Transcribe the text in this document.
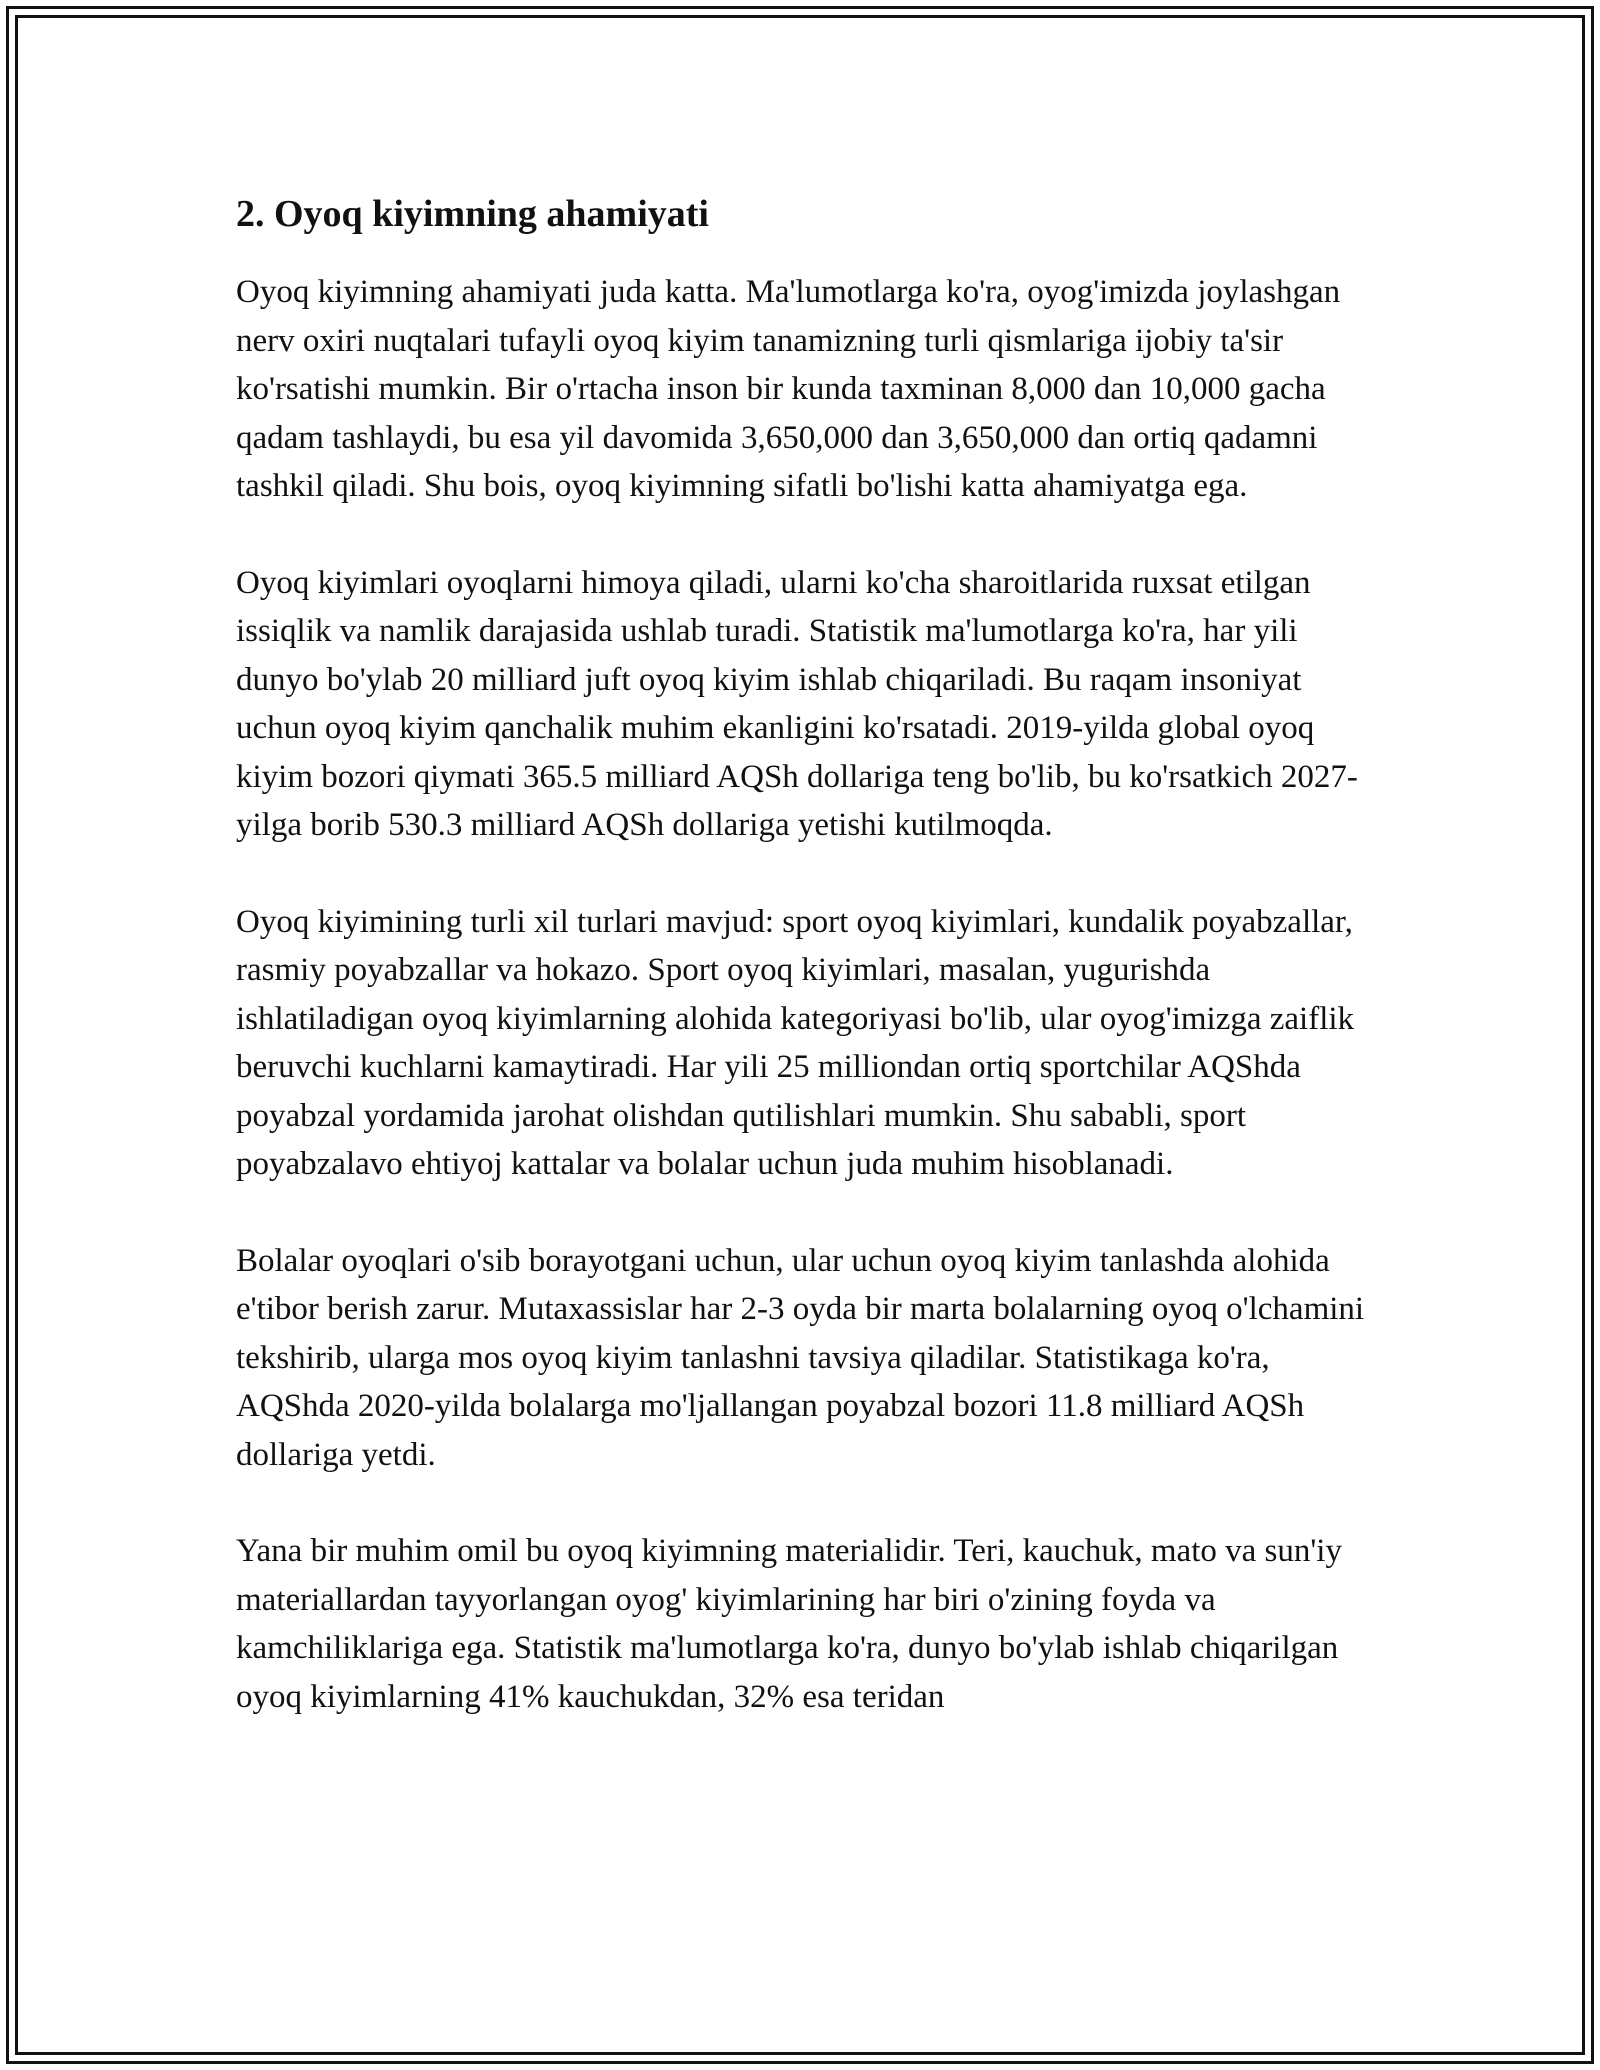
2. Oyoq kiyimning ahamiyati

Oyoq kiyimning ahamiyati juda katta. Ma'lumotlarga ko'ra, oyog'imizda joylashgan nerv oxiri nuqtalari tufayli oyoq kiyim tanamizning turli qismlariga ijobiy ta'sir ko'rsatishi mumkin. Bir o'rtacha inson bir kunda taxminan 8,000 dan 10,000 gacha qadam tashlaydi, bu esa yil davomida 3,650,000 dan 3,650,000 dan ortiq qadamni tashkil qiladi. Shu bois, oyoq kiyimning sifatli bo'lishi katta ahamiyatga ega.

Oyoq kiyimlari oyoqlarni himoya qiladi, ularni ko'cha sharoitlarida ruxsat etilgan issiqlik va namlik darajasida ushlab turadi. Statistik ma'lumotlarga ko'ra, har yili dunyo bo'ylab 20 milliard juft oyoq kiyim ishlab chiqariladi. Bu raqam insoniyat uchun oyoq kiyim qanchalik muhim ekanligini ko'rsatadi. 2019-yilda global oyoq kiyim bozori qiymati 365.5 milliard AQSh dollariga teng bo'lib, bu ko'rsatkich 2027-yilga borib 530.3 milliard AQSh dollariga yetishi kutilmoqda.

Oyoq kiyimining turli xil turlari mavjud: sport oyoq kiyimlari, kundalik poyabzallar, rasmiy poyabzallar va hokazo. Sport oyoq kiyimlari, masalan, yugurishda ishlatiladigan oyoq kiyimlarning alohida kategoriyasi bo'lib, ular oyog'imizga zaiflik beruvchi kuchlarni kamaytiradi. Har yili 25 milliondan ortiq sportchilar AQShda poyabzal yordamida jarohat olishdan qutilishlari mumkin. Shu sababli, sport poyabzalavo ehtiyoj kattalar va bolalar uchun juda muhim hisoblanadi.

Bolalar oyoqlari o'sib borayotgani uchun, ular uchun oyoq kiyim tanlashda alohida e'tibor berish zarur. Mutaxassislar har 2-3 oyda bir marta bolalarning oyoq o'lchamini tekshirib, ularga mos oyoq kiyim tanlashni tavsiya qiladilar. Statistikaga ko'ra, AQShda 2020-yilda bolalarga mo'ljallangan poyabzal bozori 11.8 milliard AQSh dollariga yetdi.

Yana bir muhim omil bu oyoq kiyimning materialidir. Teri, kauchuk, mato va sun'iy materiallardan tayyorlangan oyog' kiyimlarining har biri o'zining foyda va kamchiliklariga ega. Statistik ma'lumotlarga ko'ra, dunyo bo'ylab ishlab chiqarilgan oyoq kiyimlarning 41% kauchukdan, 32% esa teridan
